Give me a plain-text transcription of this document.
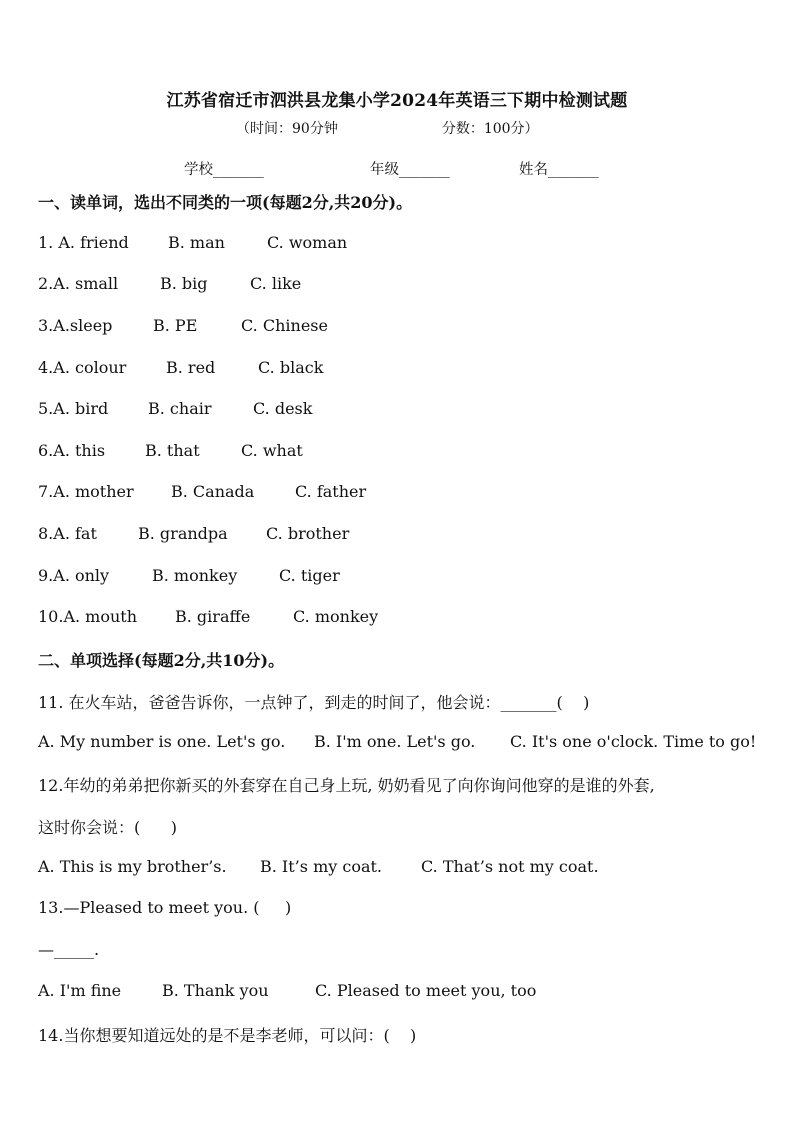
江苏省宿迁市泗洪县龙集小学2024年英语三下期中检测试题
（时间：90分钟	分数：100分）
学校_______	年级_______	姓名_______
一、读单词，选出不同类的一项(每题2分,共20分)。
1. A. friend B. man	C. woman
2.A. small	B. big	C. like
3.A.sleep	B. PE	C. Chinese
4.A. colour B. red	C. black
5.A. bird B. chair	C. desk
6.A. this B. that	C. what
7.A. mother B. Canada	C. father
8.A. fat	B. grandpa C. brother
9.A. only	B. monkey	C. tiger
10.A. mouth B. giraffe	C. monkey
二、单项选择(每题2分,共10分)。
11. 在火车站，爸爸告诉你，一点钟了，到走的时间了，他会说：_______(    )
A. My number is one. Let's go. B. I'm one. Let's go. C. It's one o'clock. Time to go!
12.年幼的弟弟把你新买的外套穿在自己身上玩, 奶奶看见了向你询问他穿的是谁的外套,
这时你会说：(      )
A. This is my brother’s. B. It’s my coat. C. That’s not my coat.
13.—Pleased to meet you. (     )
—_____.
A. I'm fine	B. Thank you	C. Pleased to meet you, too
14.当你想要知道远处的是不是李老师，可以问：(    )
